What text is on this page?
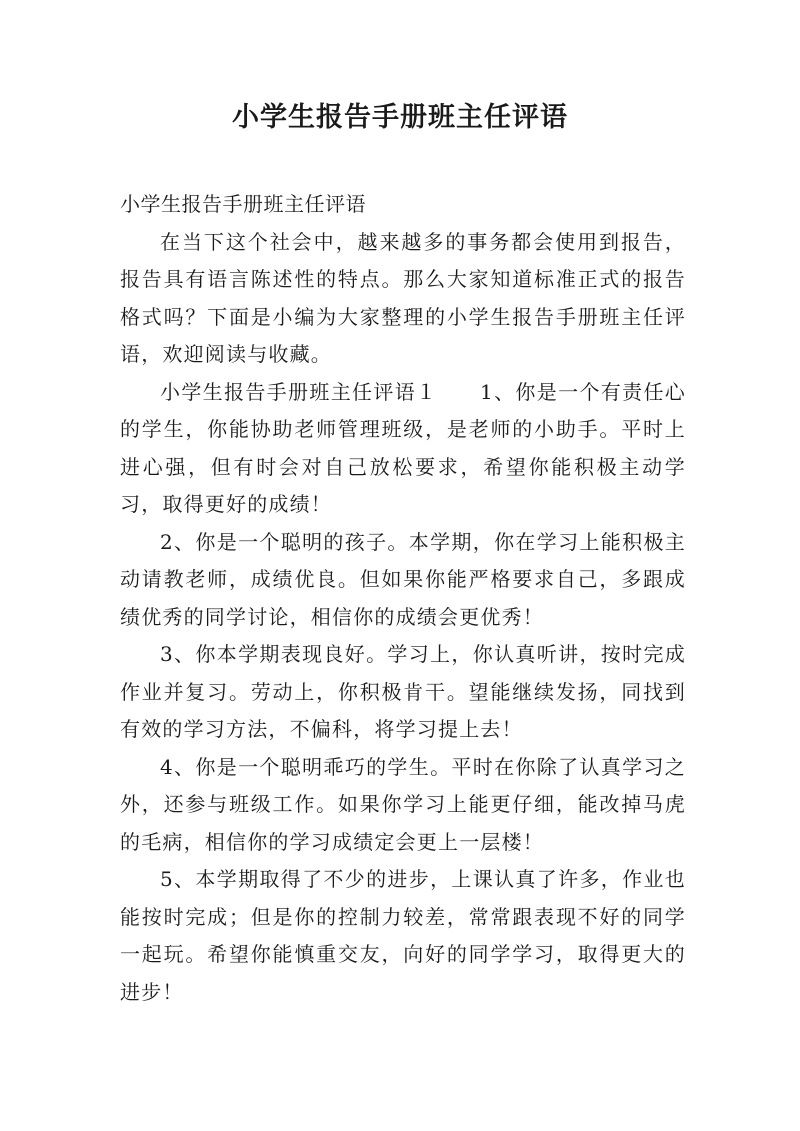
小学生报告手册班主任评语

小学生报告手册班主任评语

在当下这个社会中，越来越多的事务都会使用到报告，报告具有语言陈述性的特点。那么大家知道标准正式的报告格式吗？下面是小编为大家整理的小学生报告手册班主任评语，欢迎阅读与收藏。

小学生报告手册班主任评语１　　1、你是一个有责任心的学生，你能协助老师管理班级，是老师的小助手。平时上进心强，但有时会对自己放松要求，希望你能积极主动学习，取得更好的成绩！

2、你是一个聪明的孩子。本学期，你在学习上能积极主动请教老师，成绩优良。但如果你能严格要求自己，多跟成绩优秀的同学讨论，相信你的成绩会更优秀！

3、你本学期表现良好。学习上，你认真听讲，按时完成作业并复习。劳动上，你积极肯干。望能继续发扬，同找到有效的学习方法，不偏科，将学习提上去！

4、你是一个聪明乖巧的学生。平时在你除了认真学习之外，还参与班级工作。如果你学习上能更仔细，能改掉马虎的毛病，相信你的学习成绩定会更上一层楼！

5、本学期取得了不少的进步，上课认真了许多，作业也能按时完成；但是你的控制力较差，常常跟表现不好的同学一起玩。希望你能慎重交友，向好的同学学习，取得更大的进步！
